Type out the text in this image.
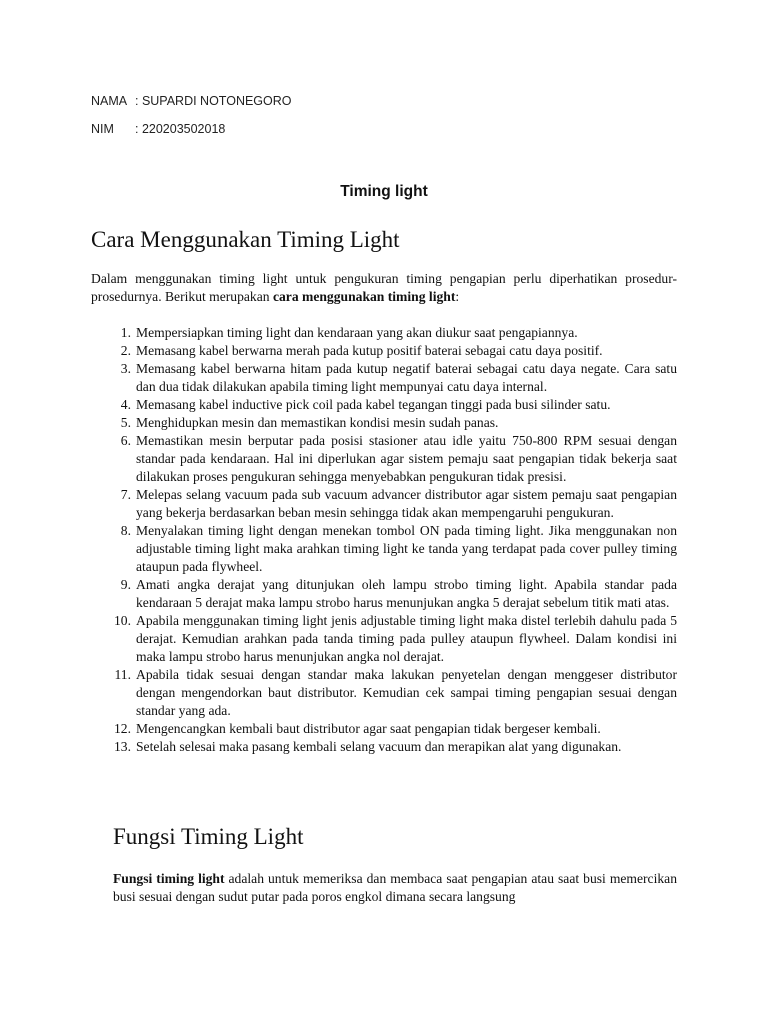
NAMA : SUPARDI NOTONEGORO
NIM : 220203502018
Timing light
Cara Menggunakan Timing Light

Dalam menggunakan timing light untuk pengukuran timing pengapian perlu diperhatikan prosedur-prosedurnya. Berikut merupakan cara menggunakan timing light:

1. Mempersiapkan timing light dan kendaraan yang akan diukur saat pengapiannya.
2. Memasang kabel berwarna merah pada kutup positif baterai sebagai catu daya positif.
3. Memasang kabel berwarna hitam pada kutup negatif baterai sebagai catu daya negate. Cara satu dan dua tidak dilakukan apabila timing light mempunyai catu daya internal.
4. Memasang kabel inductive pick coil pada kabel tegangan tinggi pada busi silinder satu.
5. Menghidupkan mesin dan memastikan kondisi mesin sudah panas.
6. Memastikan mesin berputar pada posisi stasioner atau idle yaitu 750-800 RPM sesuai dengan standar pada kendaraan. Hal ini diperlukan agar sistem pemaju saat pengapian tidak bekerja saat dilakukan proses pengukuran sehingga menyebabkan pengukuran tidak presisi.
7. Melepas selang vacuum pada sub vacuum advancer distributor agar sistem pemaju saat pengapian yang bekerja berdasarkan beban mesin sehingga tidak akan mempengaruhi pengukuran.
8. Menyalakan timing light dengan menekan tombol ON pada timing light. Jika menggunakan non adjustable timing light maka arahkan timing light ke tanda yang terdapat pada cover pulley timing ataupun pada flywheel.
9. Amati angka derajat yang ditunjukan oleh lampu strobo timing light. Apabila standar pada kendaraan 5 derajat maka lampu strobo harus menunjukan angka 5 derajat sebelum titik mati atas.
10. Apabila menggunakan timing light jenis adjustable timing light maka distel terlebih dahulu pada 5 derajat. Kemudian arahkan pada tanda timing pada pulley ataupun flywheel. Dalam kondisi ini maka lampu strobo harus menunjukan angka nol derajat.
11. Apabila tidak sesuai dengan standar maka lakukan penyetelan dengan menggeser distributor dengan mengendorkan baut distributor. Kemudian cek sampai timing pengapian sesuai dengan standar yang ada.
12. Mengencangkan kembali baut distributor agar saat pengapian tidak bergeser kembali.
13. Setelah selesai maka pasang kembali selang vacuum dan merapikan alat yang digunakan.
Fungsi Timing Light

Fungsi timing light adalah untuk memeriksa dan membaca saat pengapian atau saat busi memercikan busi sesuai dengan sudut putar pada poros engkol dimana secara langsung
